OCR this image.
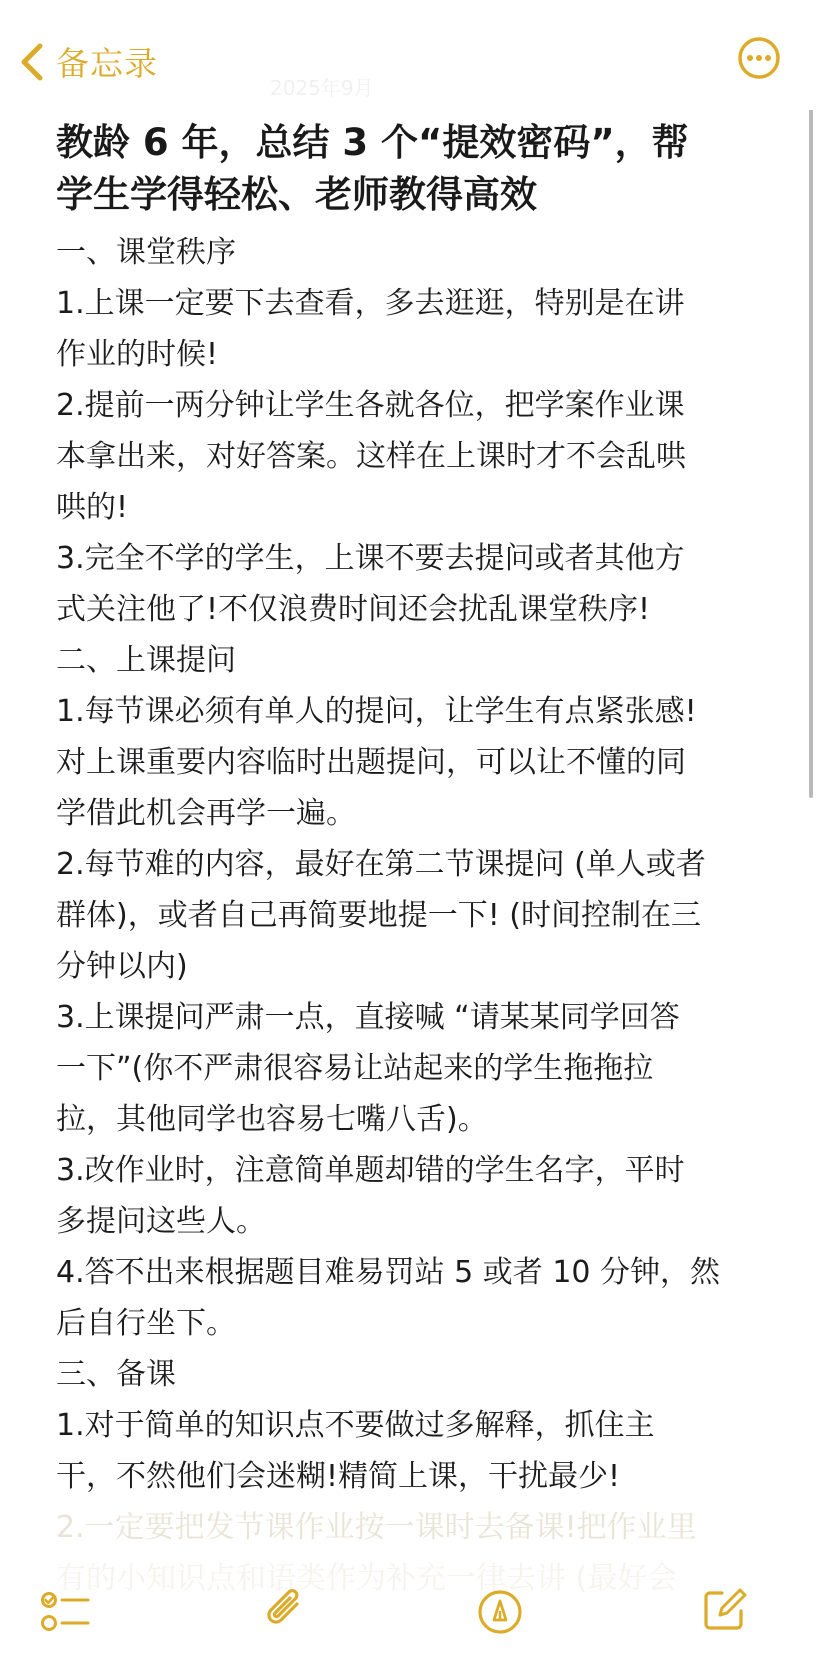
备忘录
2025年9月
教龄 6 年，总结 3 个“提效密码”，帮
学生学得轻松、老师教得高效
一、课堂秩序
1.上课一定要下去查看，多去逛逛，特别是在讲
作业的时候!
2.提前一两分钟让学生各就各位，把学案作业课
本拿出来，对好答案。这样在上课时才不会乱哄
哄的!
3.完全不学的学生，上课不要去提问或者其他方
式关注他了!不仅浪费时间还会扰乱课堂秩序!
二、上课提问
1.每节课必须有单人的提问，让学生有点紧张感!
对上课重要内容临时出题提问，可以让不懂的同
学借此机会再学一遍。
2.每节难的内容，最好在第二节课提问 (单人或者
群体)，或者自己再简要地提一下! (时间控制在三
分钟以内)
3.上课提问严肃一点，直接喊 “请某某同学回答
一下”(你不严肃很容易让站起来的学生拖拖拉
拉，其他同学也容易七嘴八舌)。
3.改作业时，注意简单题却错的学生名字，平时
多提问这些人。
4.答不出来根据题目难易罚站 5 或者 10 分钟，然
后自行坐下。
三、备课
1.对于简单的知识点不要做过多解释，抓住主
干，不然他们会迷糊!精简上课，干扰最少!
2.一定要把发节课作业按一课时去备课!把作业里
